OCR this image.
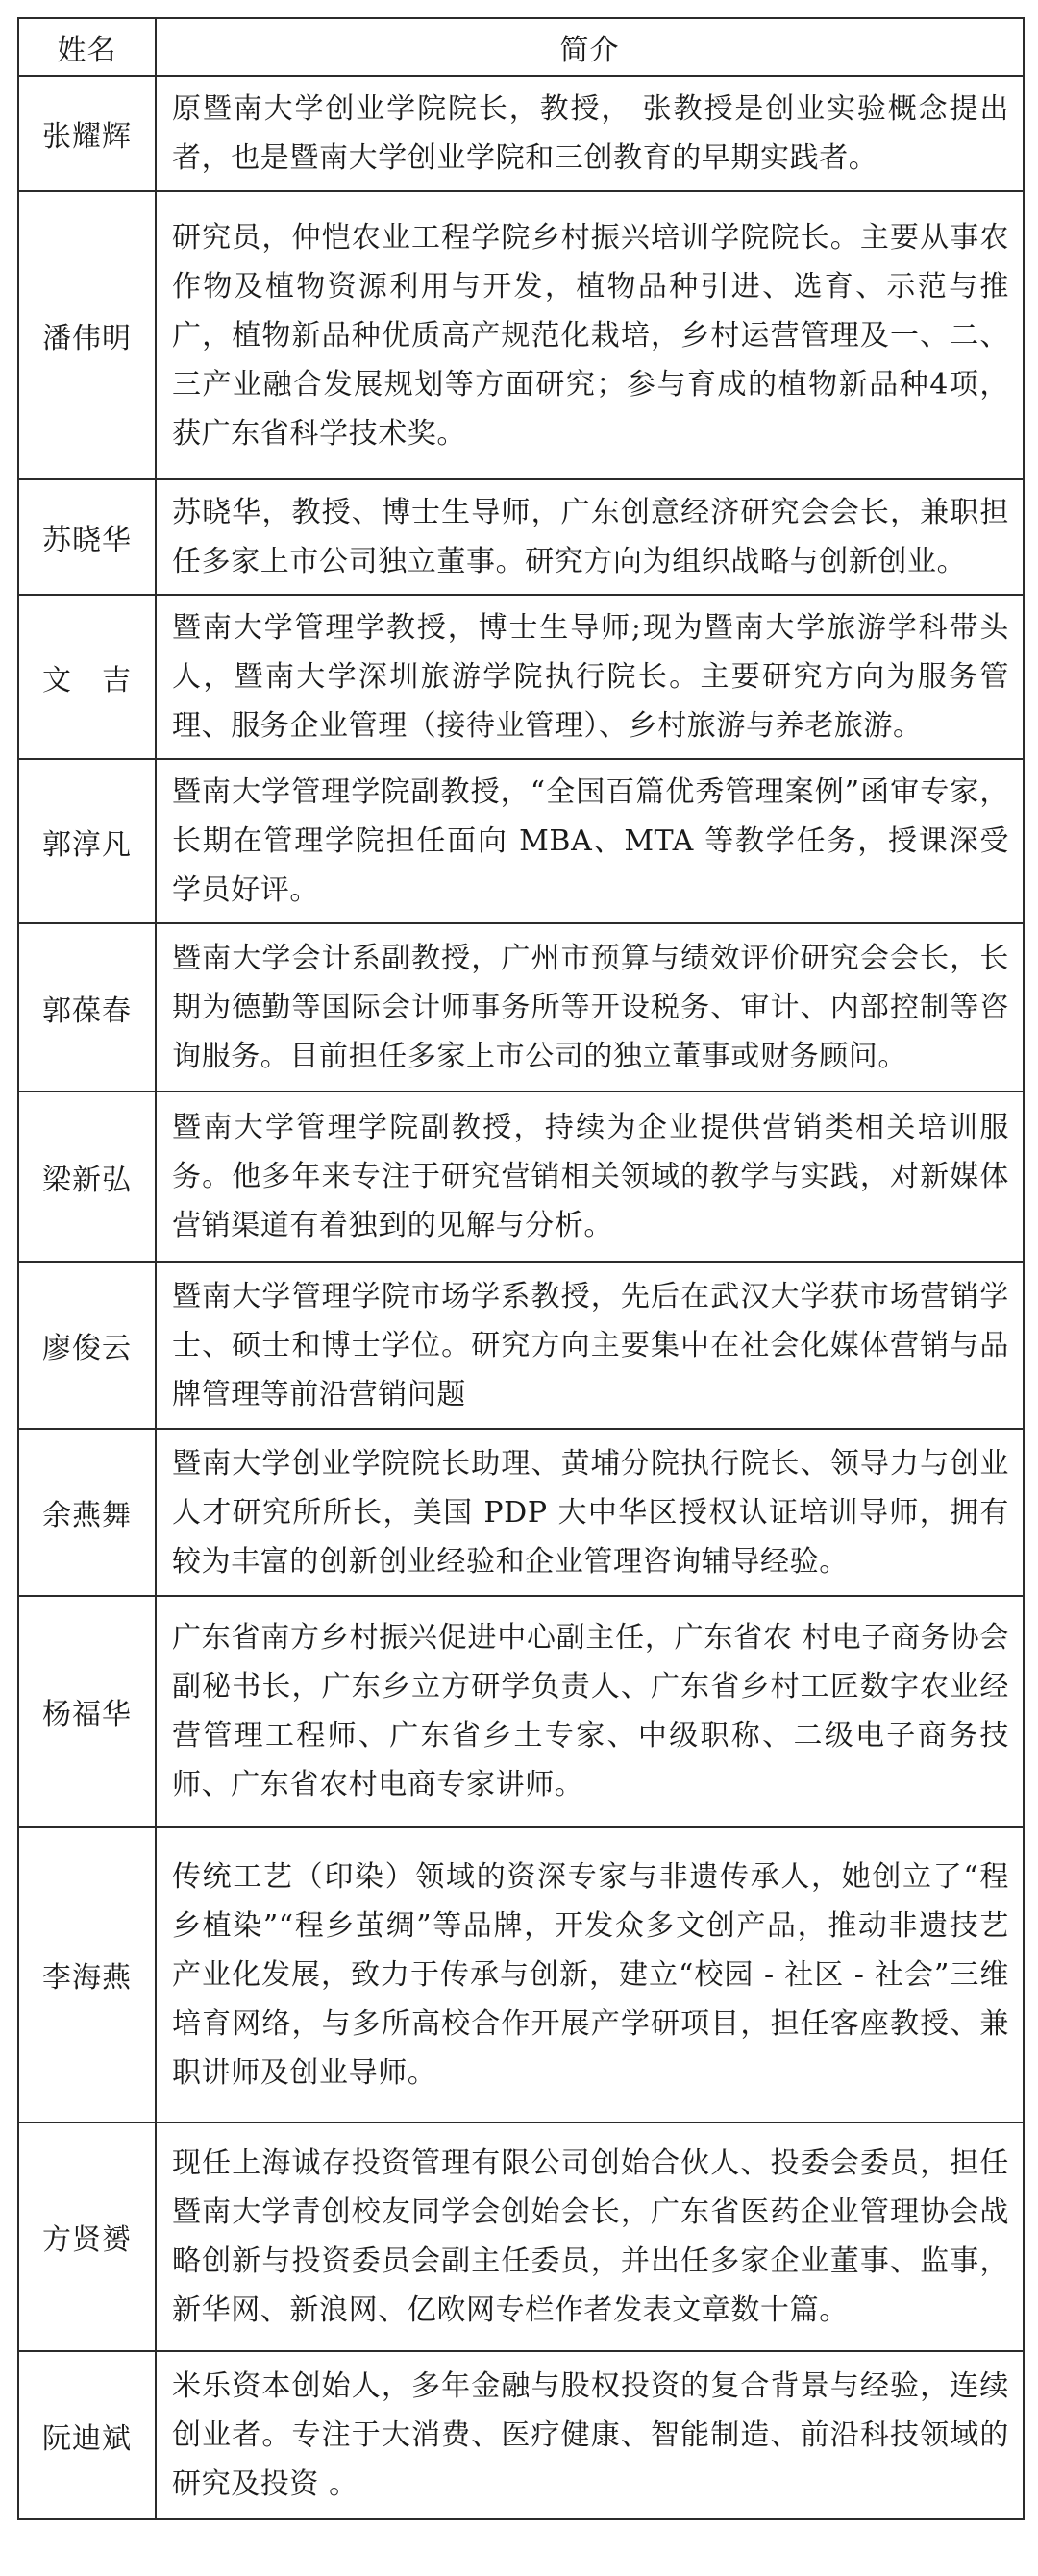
姓名	简介
张耀辉	原暨南大学创业学院院长，教授， 张教授是创业实验概念提出者，也是暨南大学创业学院和三创教育的早期实践者。
潘伟明	研究员，仲恺农业工程学院乡村振兴培训学院院长。主要从事农作物及植物资源利用与开发，植物品种引进、选育、示范与推广，植物新品种优质高产规范化栽培，乡村运营管理及一、二、三产业融合发展规划等方面研究；参与育成的植物新品种4项，获广东省科学技术奖。
苏晓华	苏晓华，教授、博士生导师，广东创意经济研究会会长，兼职担任多家上市公司独立董事。研究方向为组织战略与创新创业。
文　吉	暨南大学管理学教授，博士生导师;现为暨南大学旅游学科带头人，暨南大学深圳旅游学院执行院长。主要研究方向为服务管理、服务企业管理（接待业管理）、乡村旅游与养老旅游。
郭淳凡	暨南大学管理学院副教授，“全国百篇优秀管理案例”函审专家，长期在管理学院担任面向 MBA、MTA 等教学任务，授课深受学员好评。
郭葆春	暨南大学会计系副教授，广州市预算与绩效评价研究会会长，长期为德勤等国际会计师事务所等开设税务、审计、内部控制等咨询服务。目前担任多家上市公司的独立董事或财务顾问。
梁新弘	暨南大学管理学院副教授，持续为企业提供营销类相关培训服务。他多年来专注于研究营销相关领域的教学与实践，对新媒体营销渠道有着独到的见解与分析。
廖俊云	暨南大学管理学院市场学系教授，先后在武汉大学获市场营销学士、硕士和博士学位。研究方向主要集中在社会化媒体营销与品牌管理等前沿营销问题
余燕舞	暨南大学创业学院院长助理、黄埔分院执行院长、领导力与创业人才研究所所长，美国 PDP 大中华区授权认证培训导师，拥有较为丰富的创新创业经验和企业管理咨询辅导经验。
杨福华	广东省南方乡村振兴促进中心副主任，广东省农 村电子商务协会副秘书长，广东乡立方研学负责人、广东省乡村工匠数字农业经营管理工程师、广东省乡土专家、中级职称、二级电子商务技师、广东省农村电商专家讲师。
李海燕	传统工艺（印染）领域的资深专家与非遗传承人，她创立了“程乡植染”“程乡茧绸”等品牌，开发众多文创产品，推动非遗技艺产业化发展，致力于传承与创新，建立“校园 - 社区 - 社会”三维培育网络，与多所高校合作开展产学研项目，担任客座教授、兼职讲师及创业导师。
方贤赟	现任上海诚存投资管理有限公司创始合伙人、投委会委员，担任暨南大学青创校友同学会创始会长，广东省医药企业管理协会战略创新与投资委员会副主任委员，并出任多家企业董事、监事，新华网、新浪网、亿欧网专栏作者发表文章数十篇。
阮迪斌	米乐资本创始人，多年金融与股权投资的复合背景与经验，连续创业者。专注于大消费、医疗健康、智能制造、前沿科技领域的研究及投资 。
